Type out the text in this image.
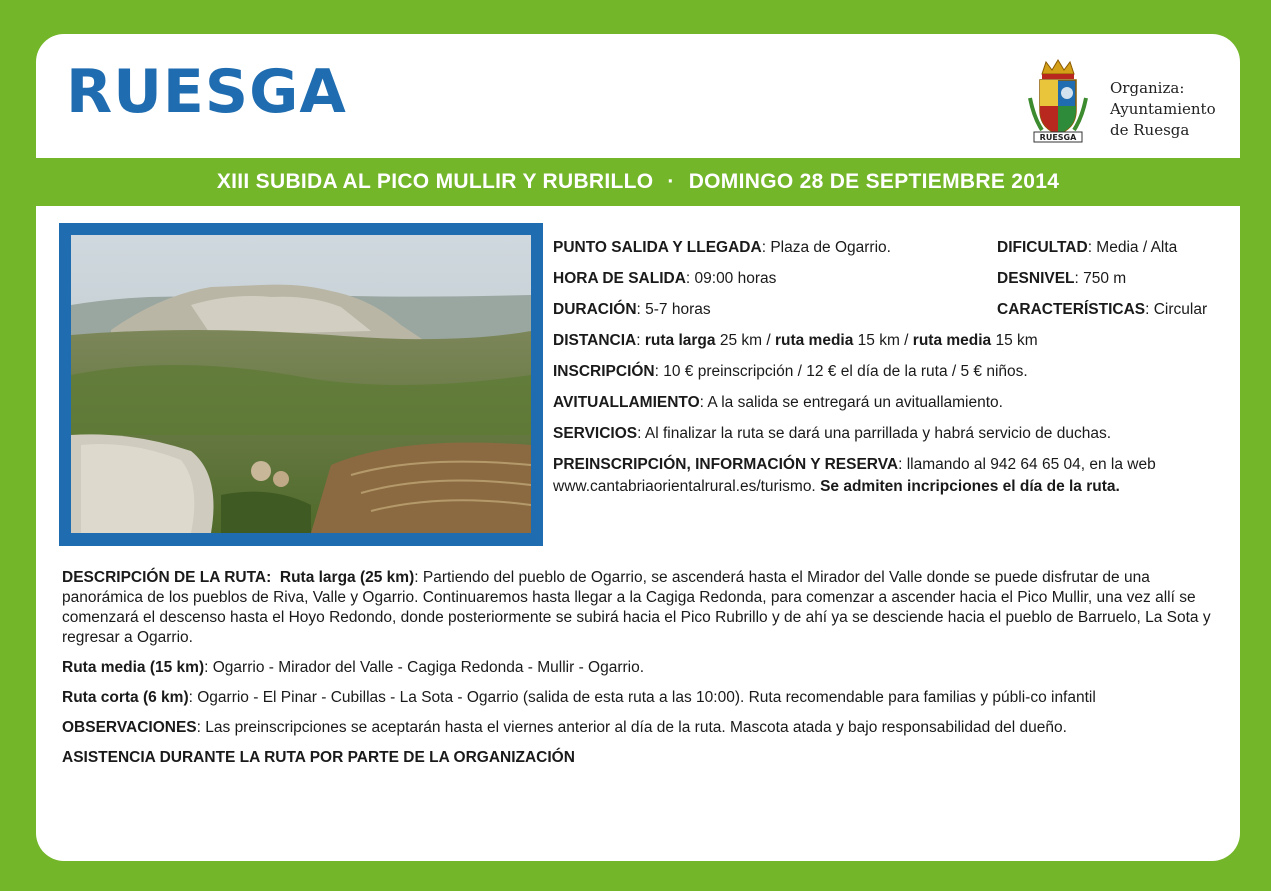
RUESGA
RUESGA
Organiza:
Ayuntamiento
de Ruesga
XIII SUBIDA AL PICO MULLIR Y RUBRILLO · DOMINGO 28 DE SEPTIEMBRE 2014
PUNTO SALIDA Y LLEGADA: Plaza de Ogarrio.	DIFICULTAD: Media / Alta
HORA DE SALIDA: 09:00 horas	DESNIVEL: 750 m
DURACIÓN: 5-7 horas	CARACTERÍSTICAS: Circular
DISTANCIA: ruta larga 25 km / ruta media 15 km / ruta media 15 km
INSCRIPCIÓN: 10 € preinscripción / 12 € el día de la ruta / 5 € niños.
AVITUALLAMIENTO: A la salida se entregará un avituallamiento.
SERVICIOS: Al finalizar la ruta se dará una parrillada y habrá servicio de duchas.
PREINSCRIPCIÓN, INFORMACIÓN Y RESERVA: llamando al 942 64 65 04, en la web www.cantabriaorientalrural.es/turismo. Se admiten incripciones el día de la ruta.

DESCRIPCIÓN DE LA RUTA: Ruta larga (25 km): Partiendo del pueblo de Ogarrio, se ascenderá hasta el Mirador del Valle donde se puede disfrutar de una panorámica de los pueblos de Riva, Valle y Ogarrio. Continuaremos hasta llegar a la Cagiga Redonda, para comenzar a ascender hacia el Pico Mullir, una vez allí se comenzará el descenso hasta el Hoyo Redondo, donde posteriormente se subirá hacia el Pico Rubrillo y de ahí ya se desciende hacia el pueblo de Barruelo, La Sota y regresar a Ogarrio.

Ruta media (15 km): Ogarrio - Mirador del Valle - Cagiga Redonda - Mullir - Ogarrio.

Ruta corta (6 km): Ogarrio - El Pinar - Cubillas - La Sota - Ogarrio (salida de esta ruta a las 10:00). Ruta recomendable para familias y públi-co infantil

OBSERVACIONES: Las preinscripciones se aceptarán hasta el viernes anterior al día de la ruta. Mascota atada y bajo responsabilidad del dueño.

ASISTENCIA DURANTE LA RUTA POR PARTE DE LA ORGANIZACIÓN
